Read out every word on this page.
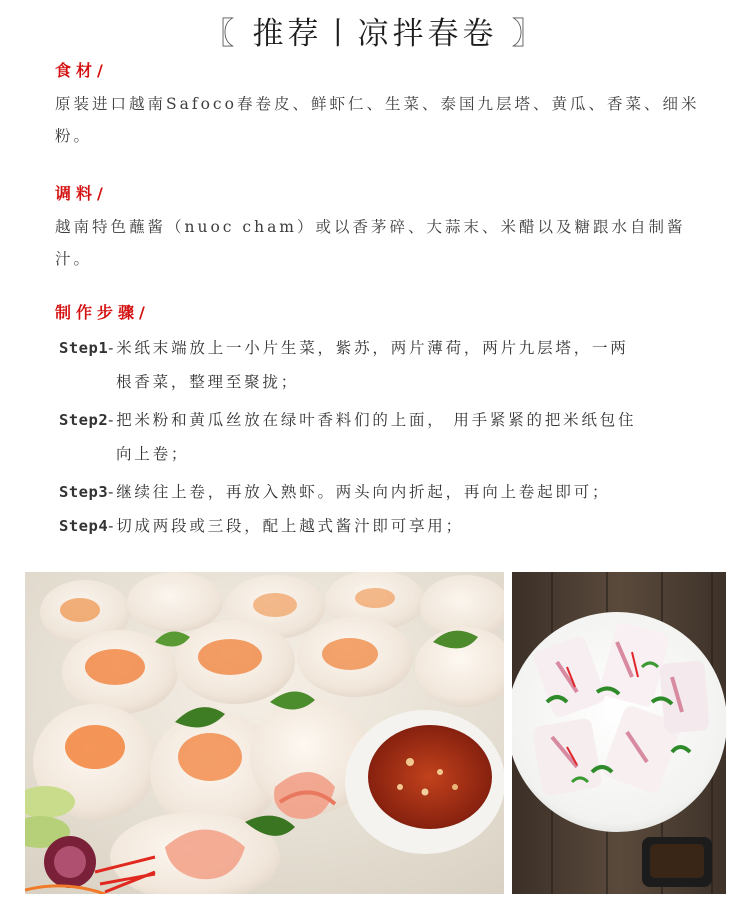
〖 推荐丨凉拌春卷 〗
食材/
原装进口越南Safoco春卷皮、鲜虾仁、生菜、泰国九层塔、黄瓜、香菜、细米粉。
调料/
越南特色蘸酱（nuoc cham）或以香茅碎、大蒜末、米醋以及糖跟水自制酱汁。
制作步骤/
Step1-米纸末端放上一小片生菜，紫苏，两片薄荷，两片九层塔，一两
根香菜，整理至聚拢；
Step2-把米粉和黄瓜丝放在绿叶香料们的上面， 用手紧紧的把米纸包住
向上卷；
Step3-继续往上卷，再放入熟虾。两头向内折起，再向上卷起即可；
Step4-切成两段或三段，配上越式酱汁即可享用；
